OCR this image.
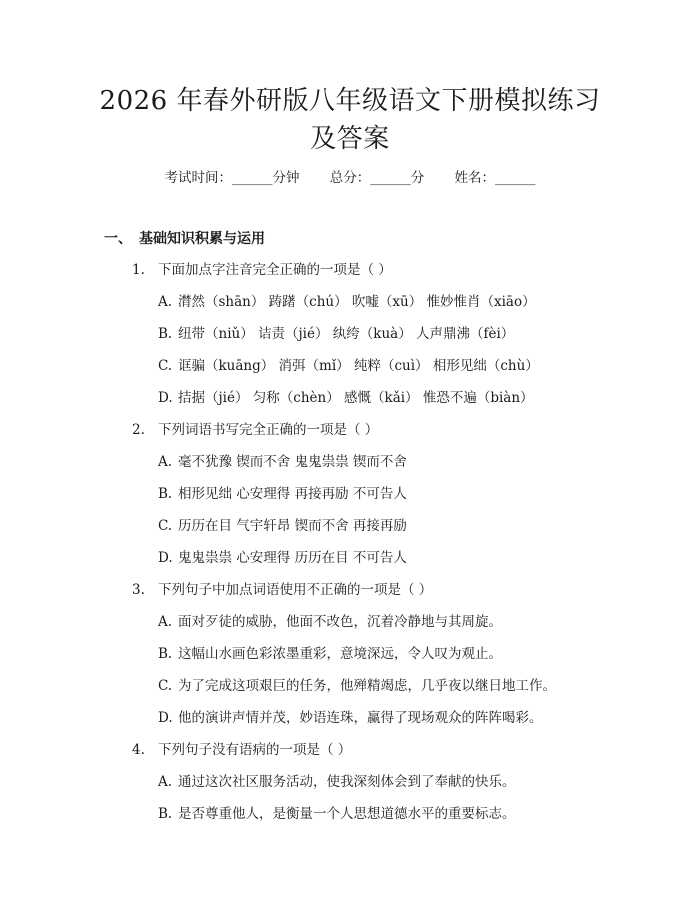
2026 年春外研版八年级语文下册模拟练习及答案
考试时间：______分钟 总分：______分 姓名：______
一、 基础知识积累与运用
1. 下面加点字注音完全正确的一项是（ ）
A. 潸然（shān） 踌躇（chú） 吹嘘（xū） 惟妙惟肖（xiāo）
B. 纽带（niǔ） 诘责（jié） 纨绔（kuà） 人声鼎沸（fèi）
C. 诓骗（kuāng） 消弭（mǐ） 纯粹（cuì） 相形见绌（chù）
D. 拮据（jié） 匀称（chèn） 感慨（kǎi） 惟恐不遍（biàn）
2. 下列词语书写完全正确的一项是（ ）
A. 毫不犹豫 锲而不舍 鬼鬼祟祟 锲而不舍
B. 相形见绌 心安理得 再接再励 不可告人
C. 历历在目 气宇轩昂 锲而不舍 再接再励
D. 鬼鬼祟祟 心安理得 历历在目 不可告人
3. 下列句子中加点词语使用不正确的一项是（ ）
A. 面对歹徒的威胁，他面不改色，沉着冷静地与其周旋。
B. 这幅山水画色彩浓墨重彩，意境深远，令人叹为观止。
C. 为了完成这项艰巨的任务，他殚精竭虑，几乎夜以继日地工作。
D. 他的演讲声情并茂，妙语连珠，赢得了现场观众的阵阵喝彩。
4. 下列句子没有语病的一项是（ ）
A. 通过这次社区服务活动，使我深刻体会到了奉献的快乐。
B. 是否尊重他人，是衡量一个人思想道德水平的重要标志。
